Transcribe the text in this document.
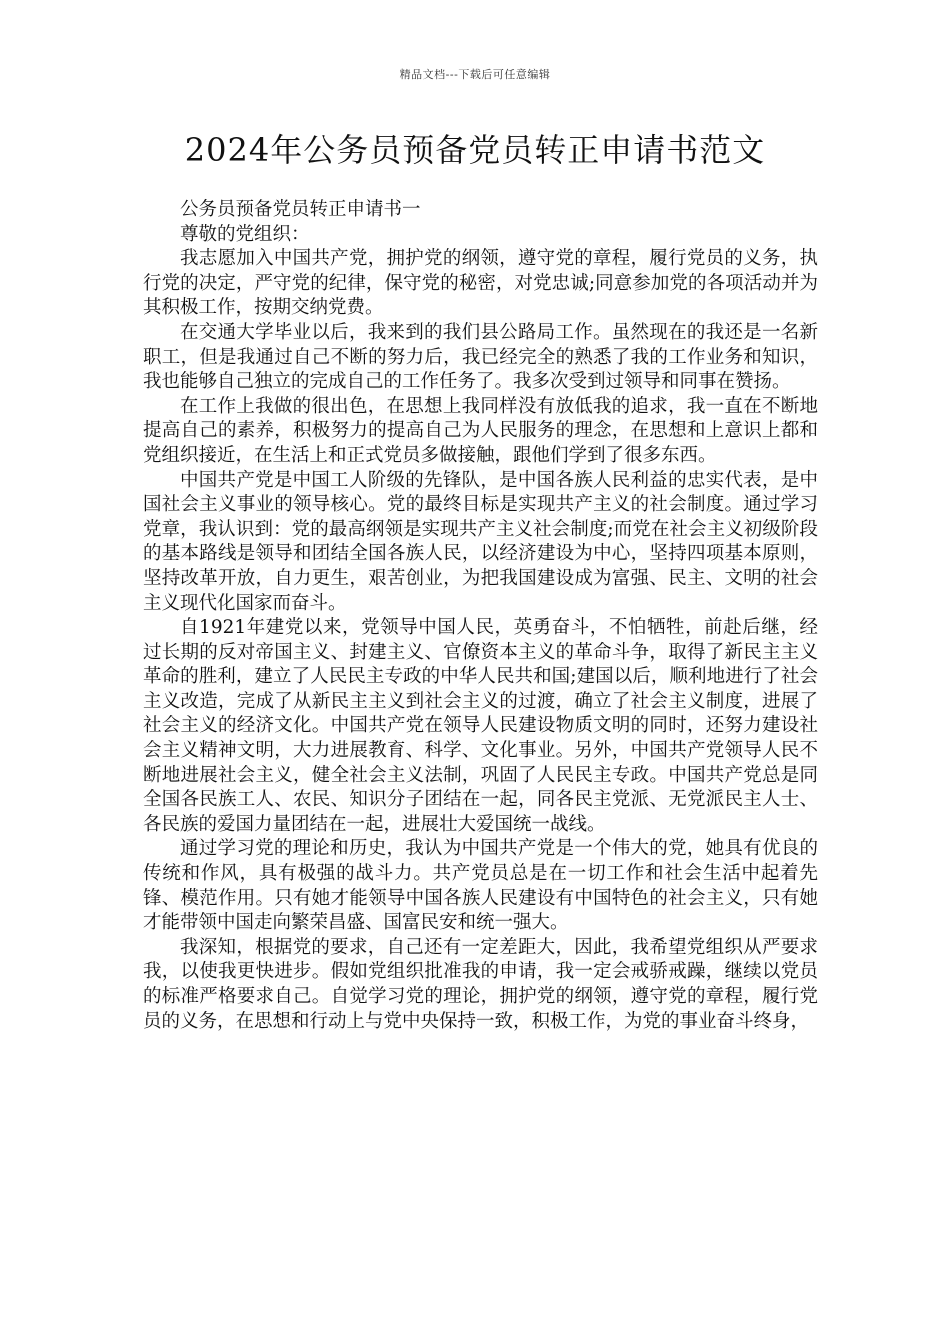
精品文档---下载后可任意编辑
2024年公务员预备党员转正申请书范文

公务员预备党员转正申请书一

尊敬的党组织：

我志愿加入中国共产党，拥护党的纲领，遵守党的章程，履行党员的义务，执行党的决定，严守党的纪律，保守党的秘密，对党忠诚;同意参加党的各项活动并为其积极工作，按期交纳党费。

在交通大学毕业以后，我来到的我们县公路局工作。虽然现在的我还是一名新职工，但是我通过自己不断的努力后，我已经完全的熟悉了我的工作业务和知识，我也能够自己独立的完成自己的工作任务了。我多次受到过领导和同事在赞扬。

在工作上我做的很出色，在思想上我同样没有放低我的追求，我一直在不断地提高自己的素养，积极努力的提高自己为人民服务的理念，在思想和上意识上都和党组织接近，在生活上和正式党员多做接触，跟他们学到了很多东西。

中国共产党是中国工人阶级的先锋队，是中国各族人民利益的忠实代表，是中国社会主义事业的领导核心。党的最终目标是实现共产主义的社会制度。通过学习党章，我认识到：党的最高纲领是实现共产主义社会制度;而党在社会主义初级阶段的基本路线是领导和团结全国各族人民，以经济建设为中心，坚持四项基本原则，坚持改革开放，自力更生，艰苦创业，为把我国建设成为富强、民主、文明的社会主义现代化国家而奋斗。

自1921年建党以来，党领导中国人民，英勇奋斗，不怕牺牲，前赴后继，经过长期的反对帝国主义、封建主义、官僚资本主义的革命斗争，取得了新民主主义革命的胜利，建立了人民民主专政的中华人民共和国;建国以后，顺利地进行了社会主义改造，完成了从新民主主义到社会主义的过渡，确立了社会主义制度，进展了社会主义的经济文化。中国共产党在领导人民建设物质文明的同时，还努力建设社会主义精神文明，大力进展教育、科学、文化事业。另外，中国共产党领导人民不断地进展社会主义，健全社会主义法制，巩固了人民民主专政。中国共产党总是同全国各民族工人、农民、知识分子团结在一起，同各民主党派、无党派民主人士、各民族的爱国力量团结在一起，进展壮大爱国统一战线。

通过学习党的理论和历史，我认为中国共产党是一个伟大的党，她具有优良的传统和作风，具有极强的战斗力。共产党员总是在一切工作和社会生活中起着先锋、模范作用。只有她才能领导中国各族人民建设有中国特色的社会主义，只有她才能带领中国走向繁荣昌盛、国富民安和统一强大。

我深知，根据党的要求，自己还有一定差距大，因此，我希望党组织从严要求我，以使我更快进步。假如党组织批准我的申请，我一定会戒骄戒躁，继续以党员的标准严格要求自己。自觉学习党的理论，拥护党的纲领，遵守党的章程，履行党员的义务，在思想和行动上与党中央保持一致，积极工作，为党的事业奋斗终身，
